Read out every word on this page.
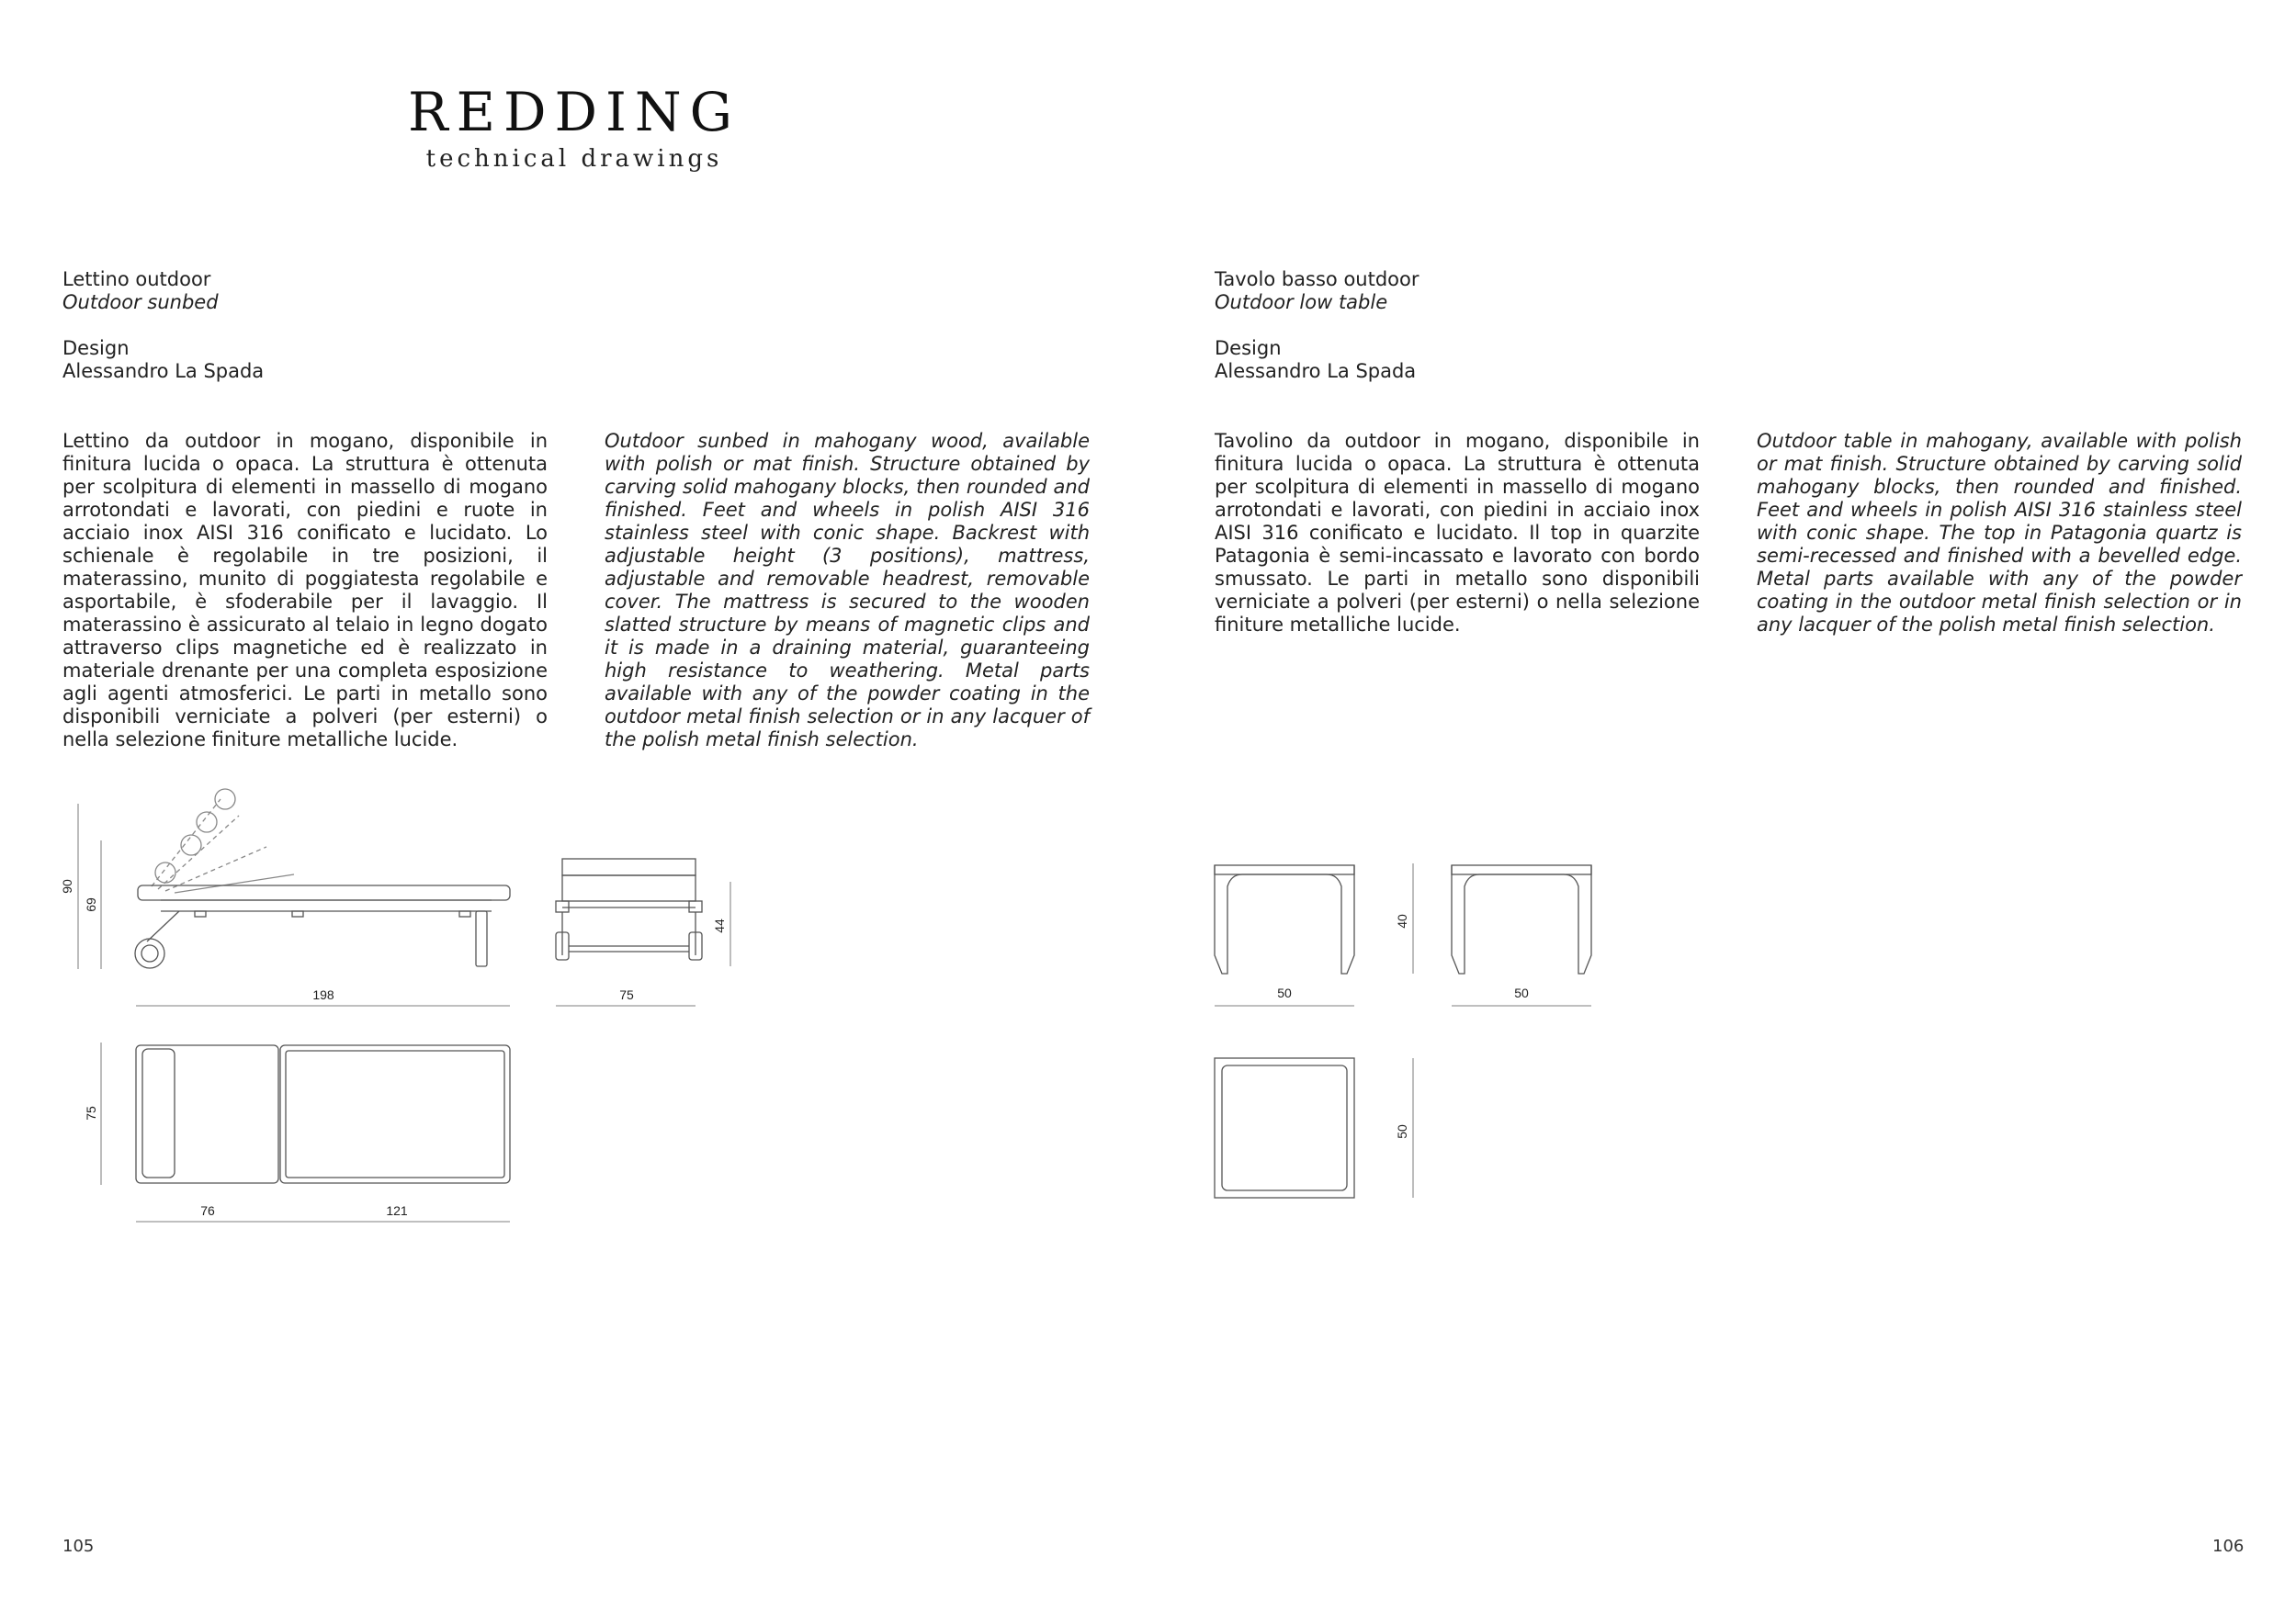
REDDING
technical drawings
Lettino outdoor
Outdoor sunbed
Design
Alessandro La Spada
Lettino da outdoor in mogano, disponibile in finitura lucida o opaca. La struttura è ottenuta per scolpitura di elementi in massello di mogano arrotondati e lavorati, con piedini e ruote in acciaio inox AISI 316 conificato e lucidato. Lo schienale è regolabile in tre posizioni, il materassino, munito di poggiatesta regolabile e asportabile, è sfoderabile per il lavaggio. Il materassino è assicurato al telaio in legno dogato attraverso clips magnetiche ed è realizzato in materiale drenante per una completa esposizione agli agenti atmosferici. Le parti in metallo sono disponibili verniciate a polveri (per esterni) o nella selezione finiture metalliche lucide.
Outdoor sunbed in mahogany wood, available with polish or mat finish. Structure obtained by carving solid mahogany blocks, then rounded and finished. Feet and wheels in polish AISI 316 stainless steel with conic shape. Backrest with adjustable height (3 positions), mattress, adjustable and removable headrest, removable cover. The mattress is secured to the wooden slatted structure by means of magnetic clips and it is made in a draining material, guaranteeing high resistance to weathering. Metal parts available with any of the powder coating in the outdoor metal finish selection or in any lacquer of the polish metal finish selection.
90
69
198
44
75
75
76	121
105
Tavolo basso outdoor
Outdoor low table
Design
Alessandro La Spada
Tavolino da outdoor in mogano, disponibile in finitura lucida o opaca. La struttura è ottenuta per scolpitura di elementi in massello di mogano arrotondati e lavorati, con piedini in acciaio inox AISI 316 conificato e lucidato. Il top in quarzite Patagonia è semi-incassato e lavorato con bordo smussato. Le parti in metallo sono disponibili verniciate a polveri (per esterni) o nella selezione finiture metalliche lucide.
Outdoor table in mahogany, available with polish or mat finish. Structure obtained by carving solid mahogany blocks, then rounded and finished. Feet and wheels in polish AISI 316 stainless steel with conic shape. The top in Patagonia quartz is semi-recessed and finished with a bevelled edge. Metal parts available with any of the powder coating in the outdoor metal finish selection or in any lacquer of the polish metal finish selection.
50
40
50
50
106
